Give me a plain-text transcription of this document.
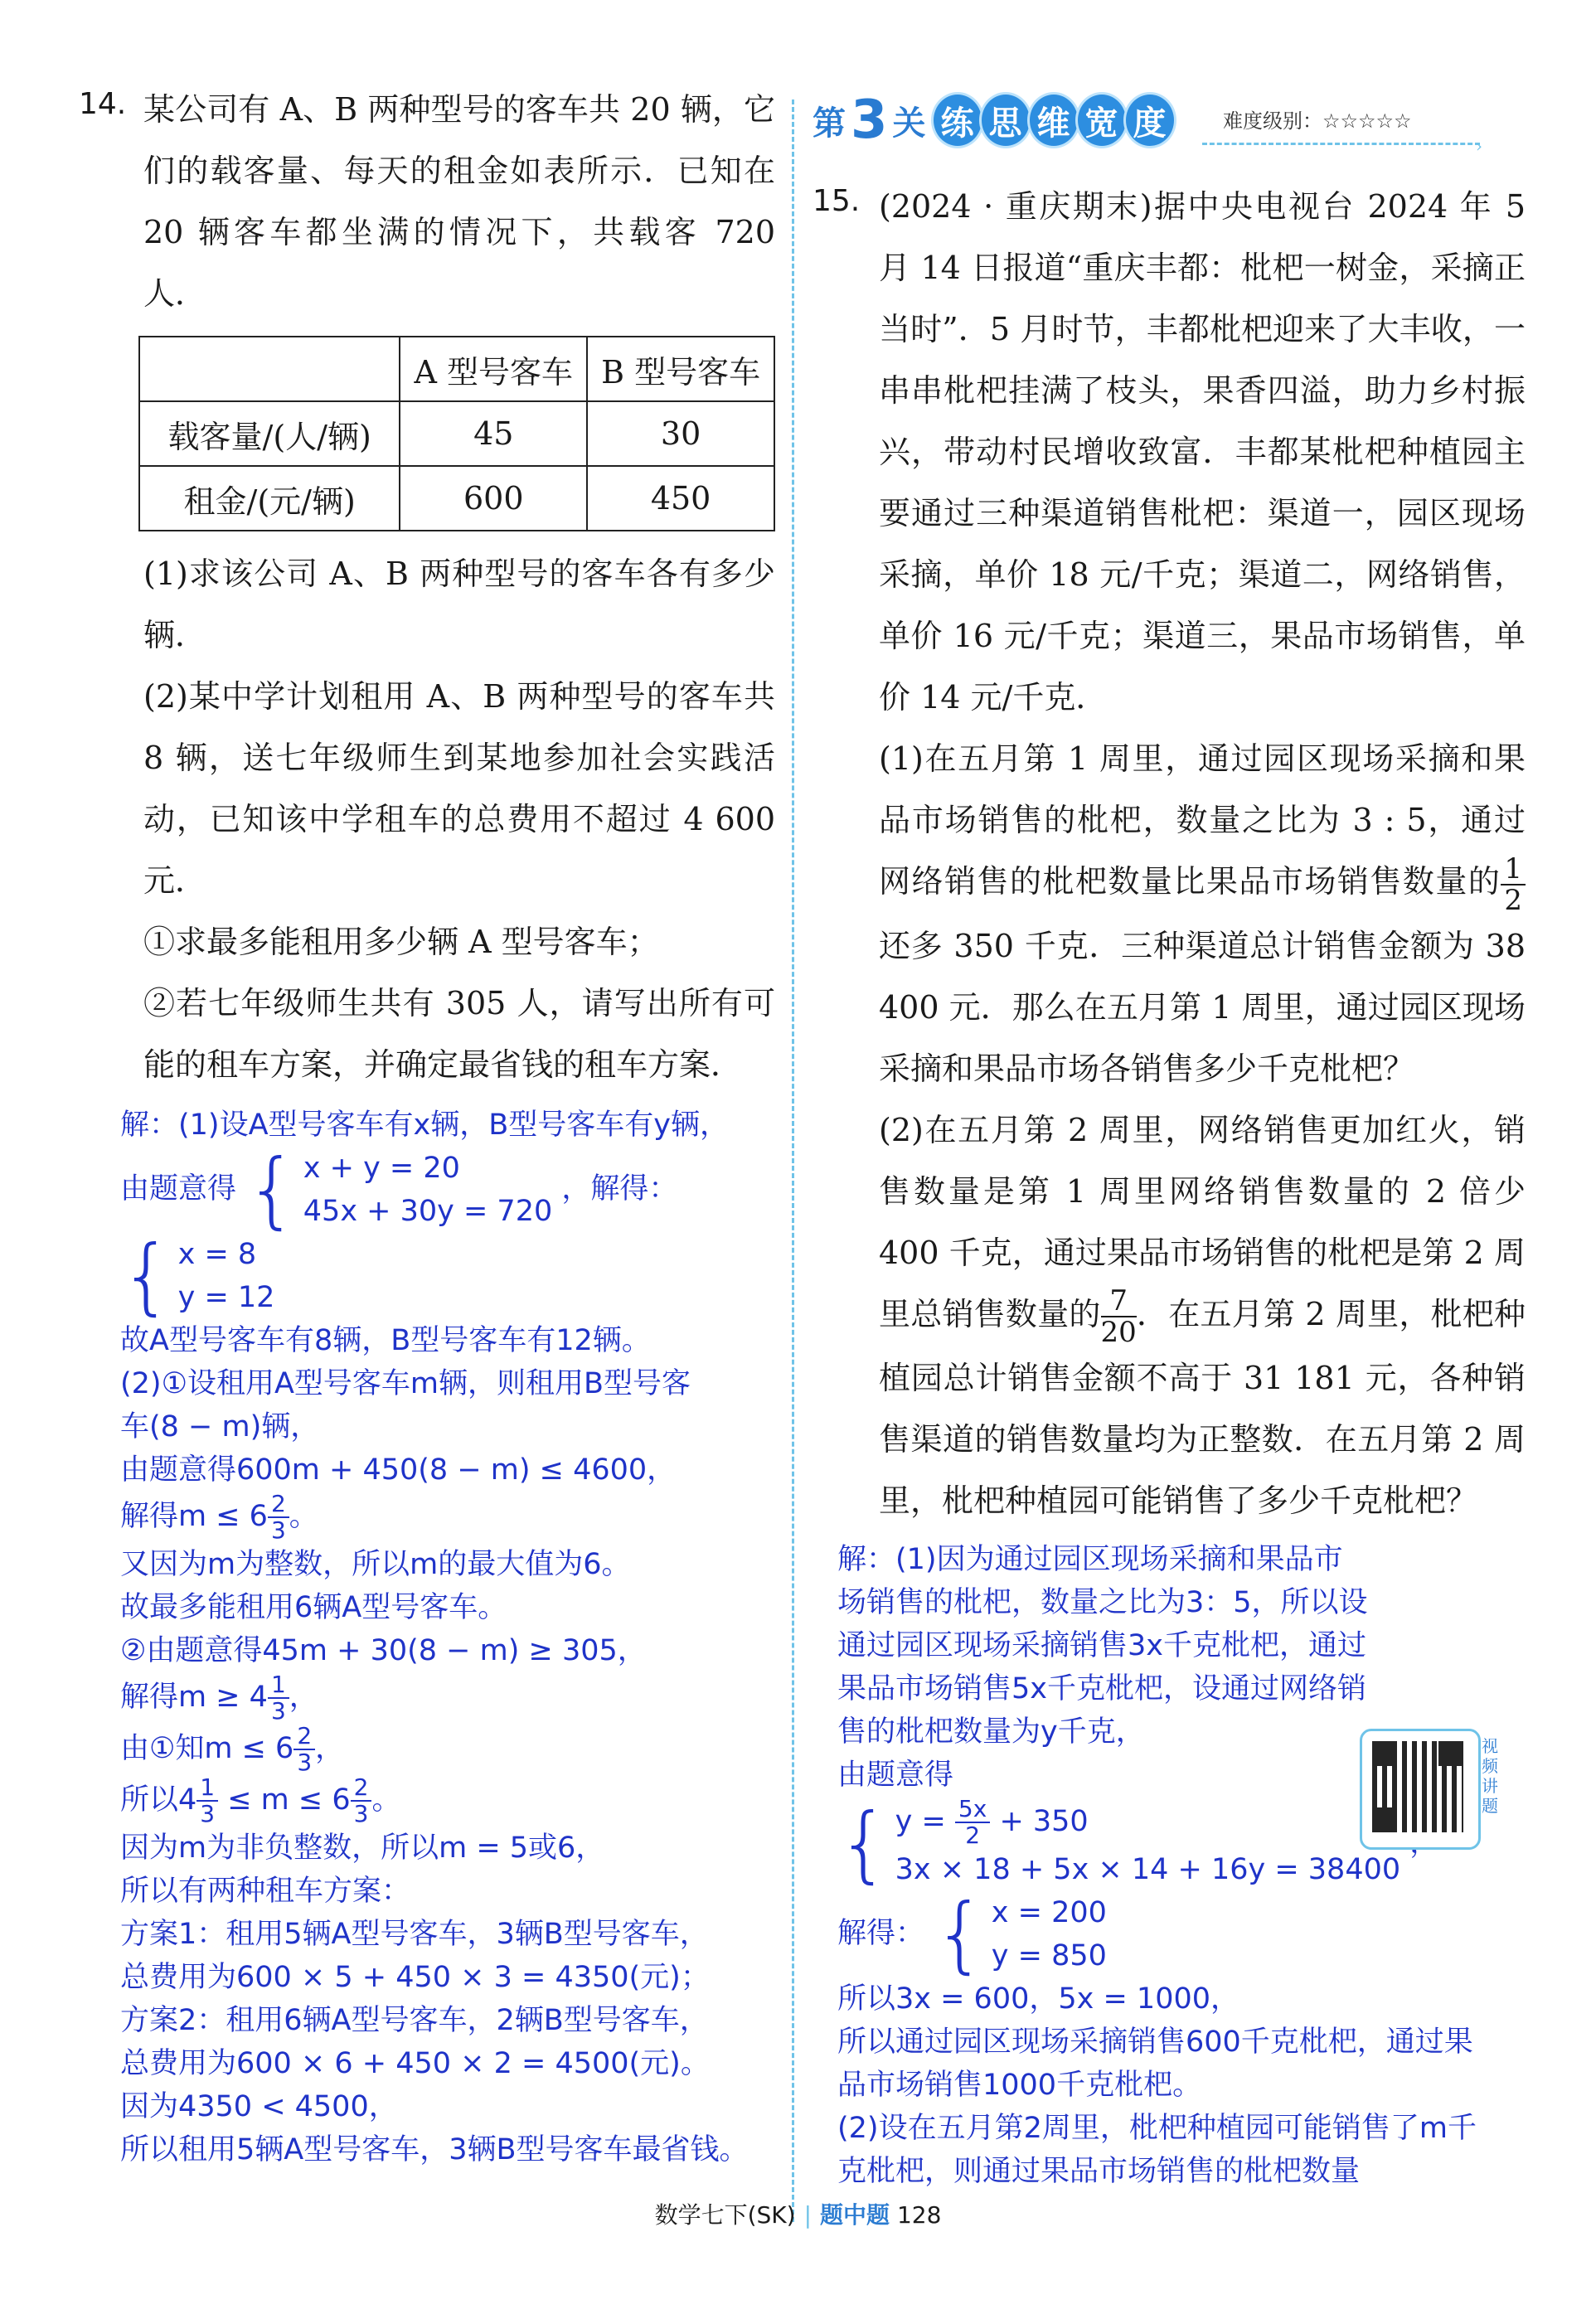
14. 某公司有 A、B 两种型号的客车共 20 辆，它们的载客量、每天的租金如表所示．已知在 20 辆客车都坐满的情况下，共载客 720 人．

	A 型号客车	B 型号客车
载客量/(人/辆)	45	30
租金/(元/辆)	600	450

(1)求该公司 A、B 两种型号的客车各有多少辆．

(2)某中学计划租用 A、B 两种型号的客车共 8 辆，送七年级师生到某地参加社会实践活动，已知该中学租车的总费用不超过 4 600 元．

①求最多能租用多少辆 A 型号客车；

②若七年级师生共有 305 人，请写出所有可能的租车方案，并确定最省钱的租车方案．

解：(1)设A型号客车有x辆，B型号客车有y辆，

由题意得 { x + y = 20
45x + 30y = 720
，解得：
{ x = 8
y = 12

故A型号客车有8辆，B型号客车有12辆。

(2)①设租用A型号客车m辆，则租用B型号客车(8 − m)辆，

由题意得600m + 450(8 − m) ≤ 4600，

解得$m \le 6 \frac{2}{3}$ 。

又因为m为整数，所以m的最大值为6。

故最多能租用6辆A型号客车。

②由题意得45m + 30(8 − m) ≥ 305，

解得$m \ge 4 \frac{1}{3}$ ，

由①知$m \le 6 \frac{2}{3}$ ，

所以$4 \frac{1}{3} \le m \le 6 \frac{2}{3}$ 。

因为m为非负整数，所以m = 5或6，

所以有两种租车方案：

方案1：租用5辆A型号客车，3辆B型号客车，

总费用为600 × 5 + 450 × 3 = 4350(元)；

方案2：租用6辆A型号客车，2辆B型号客车，

总费用为600 × 6 + 450 × 2 = 4500(元)。

因为4350 < 4500，

所以租用5辆A型号客车，3辆B型号客车最省钱。

第 3 关 练 思 维 宽 度	难度级别：☆☆☆☆☆
›
15. (2024 · 重庆期末)据中央电视台 2024 年 5 月 14 日报道“重庆丰都：枇杷一树金，采摘正当时”．5 月时节，丰都枇杷迎来了大丰收，一串串枇杷挂满了枝头，果香四溢，助力乡村振兴，带动村民增收致富．丰都某枇杷种植园主要通过三种渠道销售枇杷：渠道一，园区现场采摘，单价 18 元/千克；渠道二，网络销售，单价 16 元/千克；渠道三，果品市场销售，单价 14 元/千克．

(1)在五月第 1 周里，通过园区现场采摘和果品市场销售的枇杷，数量之比为 3 : 5，通过网络销售的枇杷数量比果品市场销售数量的 $\frac{1}{2}$
还多 350 千克．三种渠道总计销售金额为 38 400 元．那么在五月第 1 周里，通过园区现场采摘和果品市场各销售多少千克枇杷？

(2)在五月第 2 周里，网络销售更加红火，销售数量是第 1 周里网络销售数量的 2 倍少 400 千克，通过果品市场销售的枇杷是第 2 周里总销售数量的 $\frac{7}{20}$ ．在五月第 2 周里，枇杷种植园总计销售金额不高于 31 181 元，各种销售渠道的销售数量均为正整数．在五月第 2 周里，枇杷种植园可能销售了多少千克枇杷？

解：(1)因为通过园区现场采摘和果品市场销售的枇杷，数量之比为3：5，所以设通过园区现场采摘销售3x千克枇杷，通过果品市场销售5x千克枇杷，设通过网络销售的枇杷数量为y千克，

由题意得
{ $y = \frac{5x}{2} + 350$
3x × 18 + 5x × 14 + 16y = 38400

解得： { x = 200
y = 850

所以3x = 600，5x = 1000，

所以通过园区现场采摘销售600千克枇杷，通过果品市场销售1000千克枇杷。

(2)设在五月第2周里，枇杷种植园可能销售了m千克枇杷，则通过果品市场销售的枇杷数量

视频讲题
数学七下(SK) | 题中题 128
